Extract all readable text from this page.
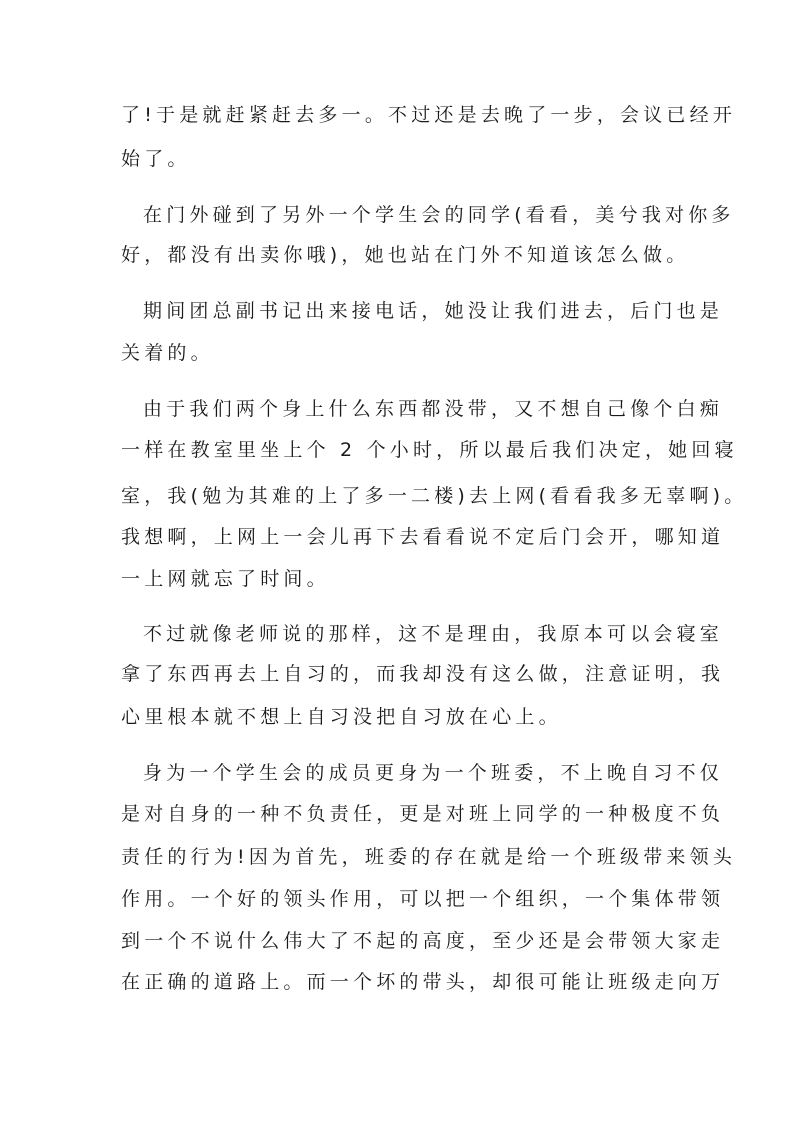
了!于是就赶紧赶去多一。不过还是去晚了一步，会议已经开
始了。
在门外碰到了另外一个学生会的同学(看看，美兮我对你多
好，都没有出卖你哦)，她也站在门外不知道该怎么做。
期间团总副书记出来接电话，她没让我们进去，后门也是
关着的。
由于我们两个身上什么东西都没带，又不想自己像个白痴
一样在教室里坐上个 2 个小时，所以最后我们决定，她回寝
室，我(勉为其难的上了多一二楼)去上网(看看我多无辜啊)。
我想啊，上网上一会儿再下去看看说不定后门会开，哪知道
一上网就忘了时间。
不过就像老师说的那样，这不是理由，我原本可以会寝室
拿了东西再去上自习的，而我却没有这么做，注意证明，我
心里根本就不想上自习没把自习放在心上。
身为一个学生会的成员更身为一个班委，不上晚自习不仅
是对自身的一种不负责任，更是对班上同学的一种极度不负
责任的行为!因为首先，班委的存在就是给一个班级带来领头
作用。一个好的领头作用，可以把一个组织，一个集体带领
到一个不说什么伟大了不起的高度，至少还是会带领大家走
在正确的道路上。而一个坏的带头，却很可能让班级走向万
